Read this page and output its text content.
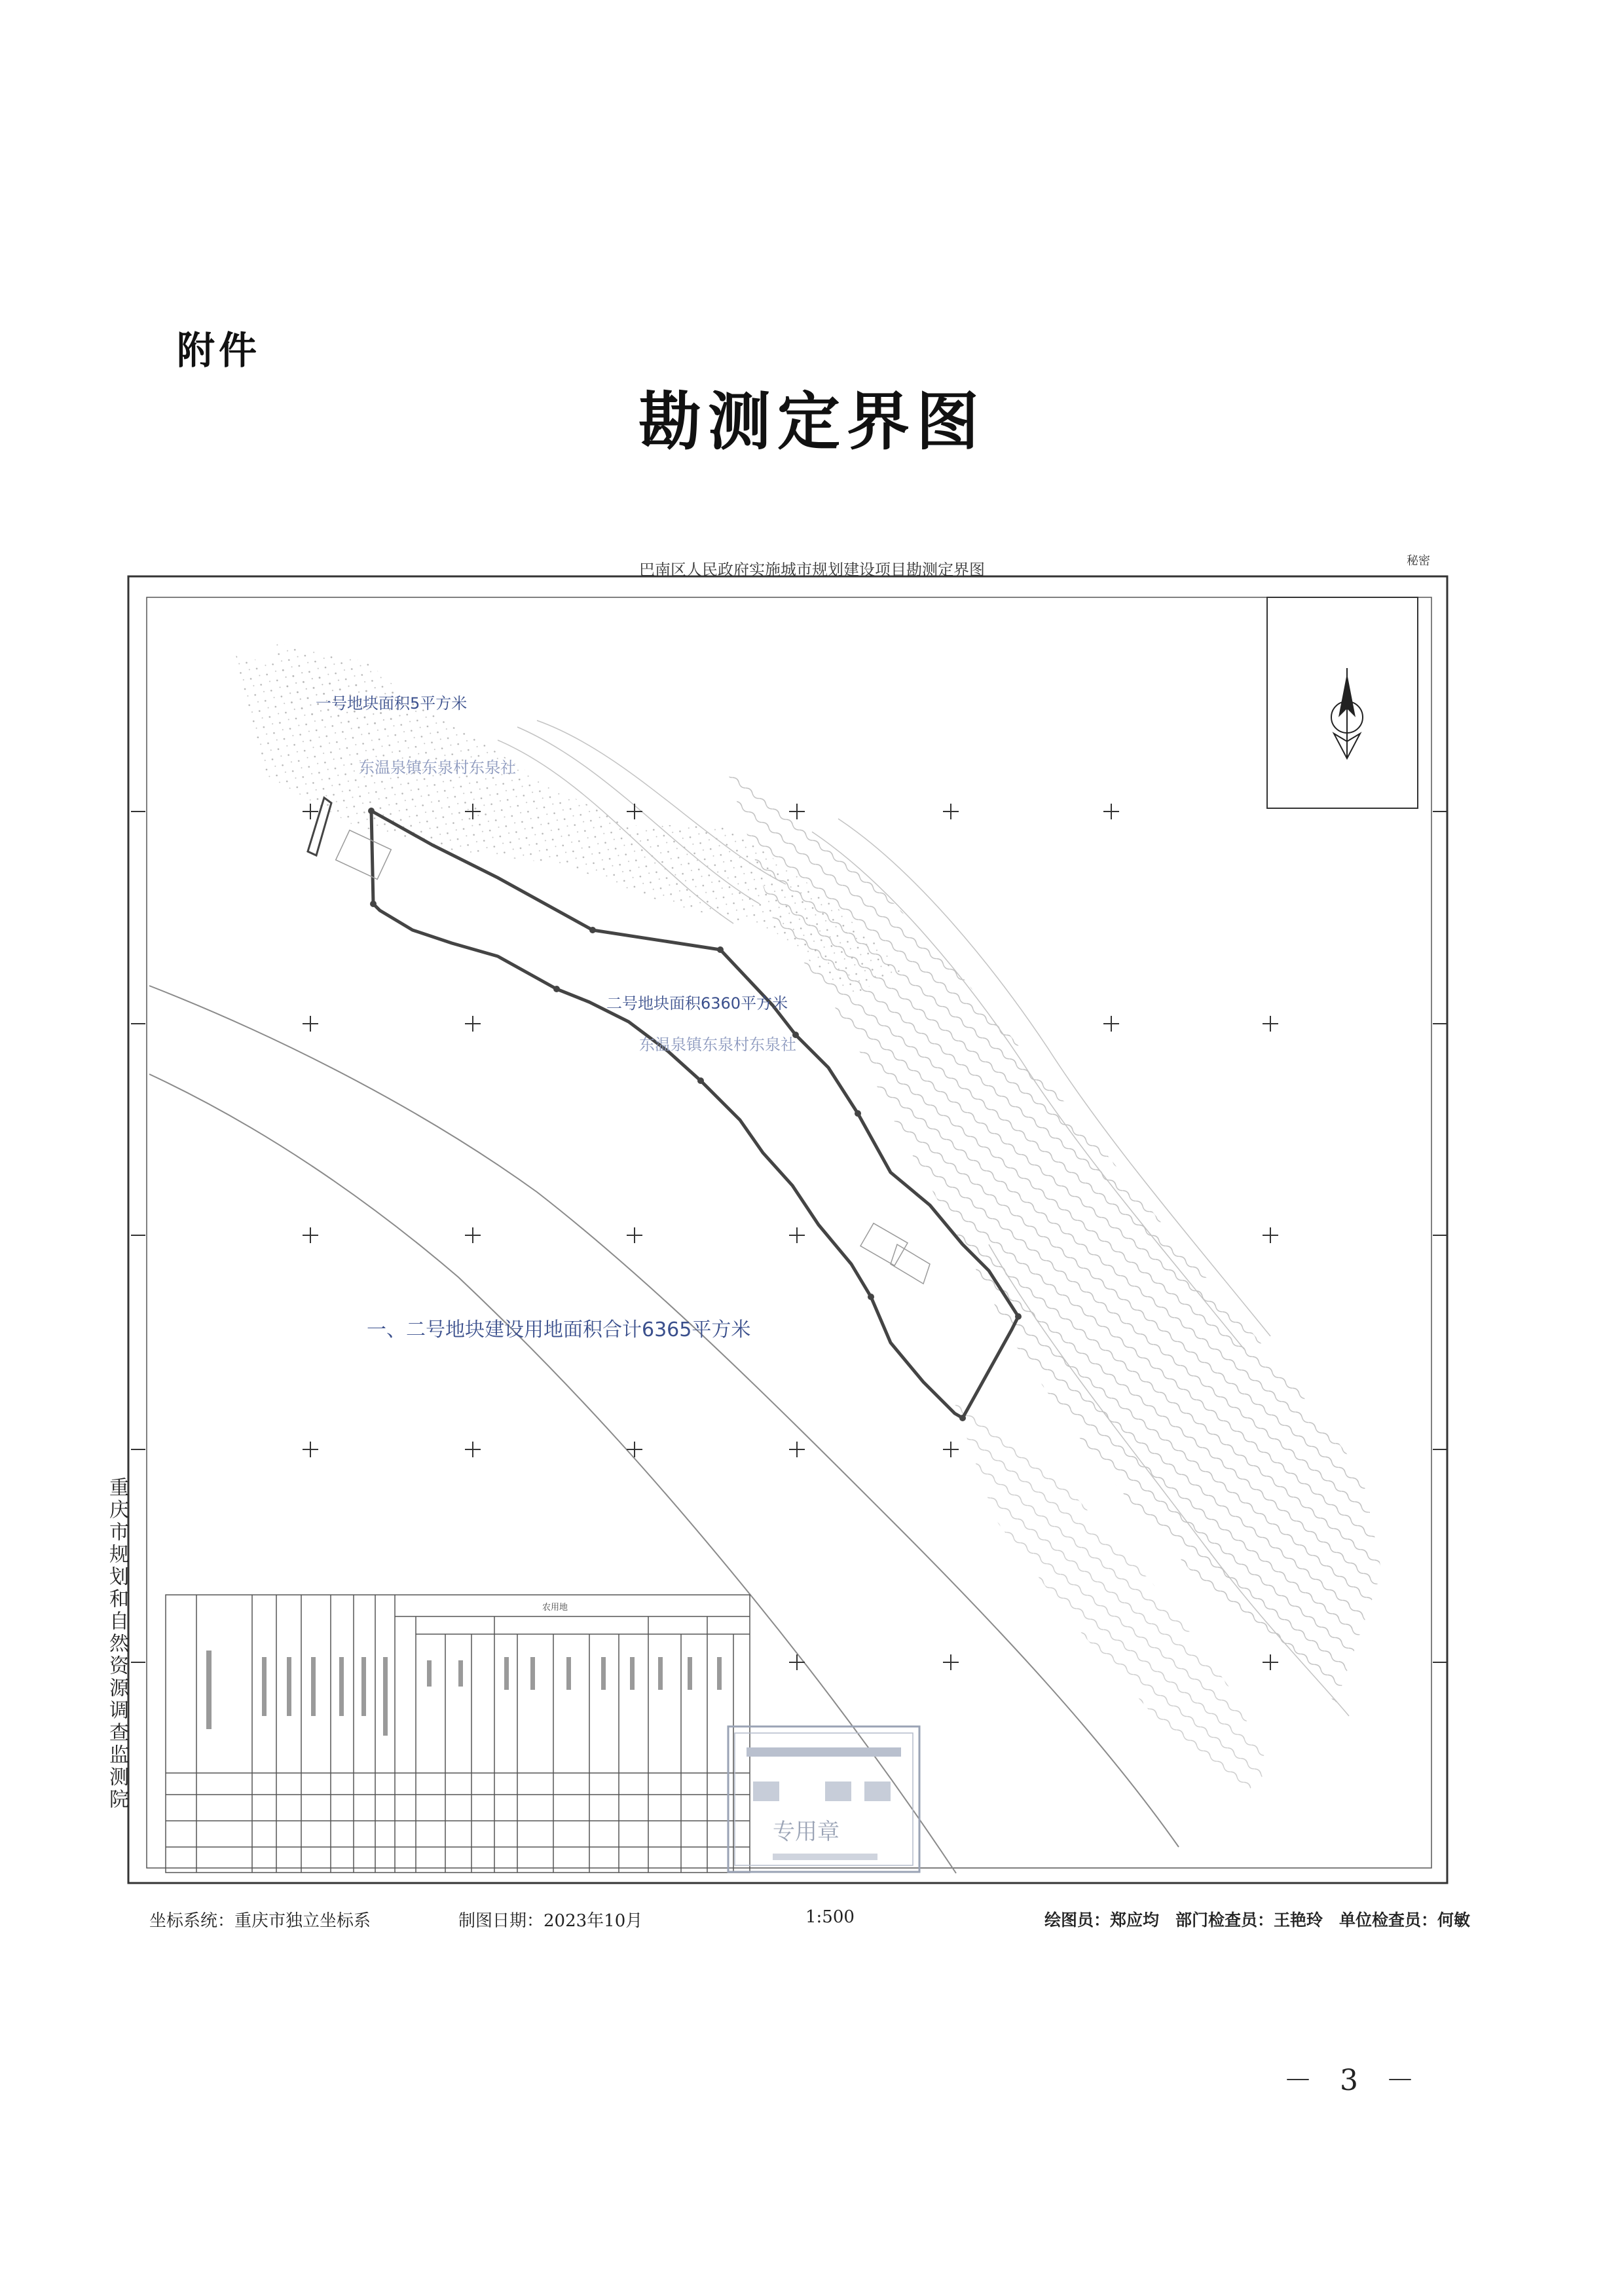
附件
勘测定界图
巴南区人民政府实施城市规划建设项目勘测定界图	秘密
一号地块面积5平方米
东温泉镇东泉村东泉社
二号地块面积6360平方米
东温泉镇东泉村东泉社
一、二号地块建设用地面积合计6365平方米
农用地
专用章
重庆市规划和自然资源调查监测院
坐标系统：重庆市独立坐标系	制图日期：2023年10月	1:500	绘图员：郑应均　部门检查员：王艳玲　单位检查员：何敏
－ 3 －
